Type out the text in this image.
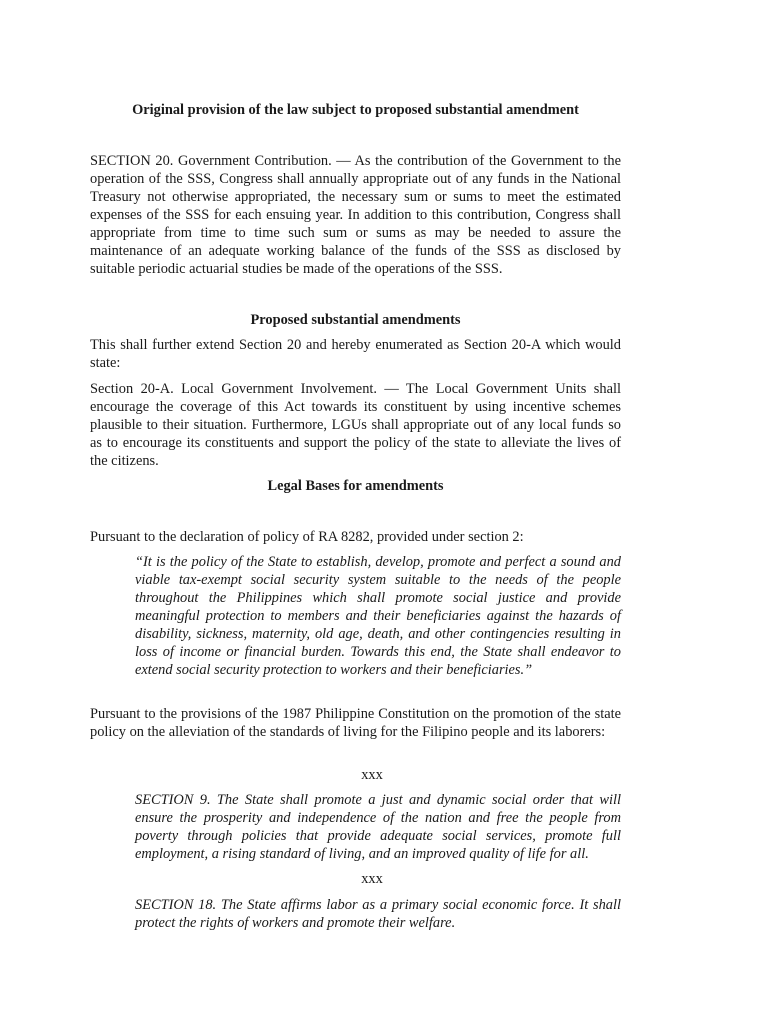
Original provision of the law subject to proposed substantial amendment

SECTION 20. Government Contribution. — As the contribution of the Government to the operation of the SSS, Congress shall annually appropriate out of any funds in the National Treasury not otherwise appropriated, the necessary sum or sums to meet the estimated expenses of the SSS for each ensuing year. In addition to this contribution, Congress shall appropriate from time to time such sum or sums as may be needed to assure the maintenance of an adequate working balance of the funds of the SSS as disclosed by suitable periodic actuarial studies be made of the operations of the SSS.

Proposed substantial amendments

This shall further extend Section 20 and hereby enumerated as Section 20-A which would state:

Section 20-A. Local Government Involvement. — The Local Government Units shall encourage the coverage of this Act towards its constituent by using incentive schemes plausible to their situation. Furthermore, LGUs shall appropriate out of any local funds so as to encourage its constituents and support the policy of the state to alleviate the lives of the citizens.

Legal Bases for amendments

Pursuant to the declaration of policy of RA 8282, provided under section 2:

“It is the policy of the State to establish, develop, promote and perfect a sound and viable tax-exempt social security system suitable to the needs of the people throughout the Philippines which shall promote social justice and provide meaningful protection to members and their beneficiaries against the hazards of disability, sickness, maternity, old age, death, and other contingencies resulting in loss of income or financial burden. Towards this end, the State shall endeavor to extend social security protection to workers and their beneficiaries.”

Pursuant to the provisions of the 1987 Philippine Constitution on the promotion of the state policy on the alleviation of the standards of living for the Filipino people and its laborers:

xxx

SECTION 9. The State shall promote a just and dynamic social order that will ensure the prosperity and independence of the nation and free the people from poverty through policies that provide adequate social services, promote full employment, a rising standard of living, and an improved quality of life for all.

xxx

SECTION 18. The State affirms labor as a primary social economic force. It shall protect the rights of workers and promote their welfare.
